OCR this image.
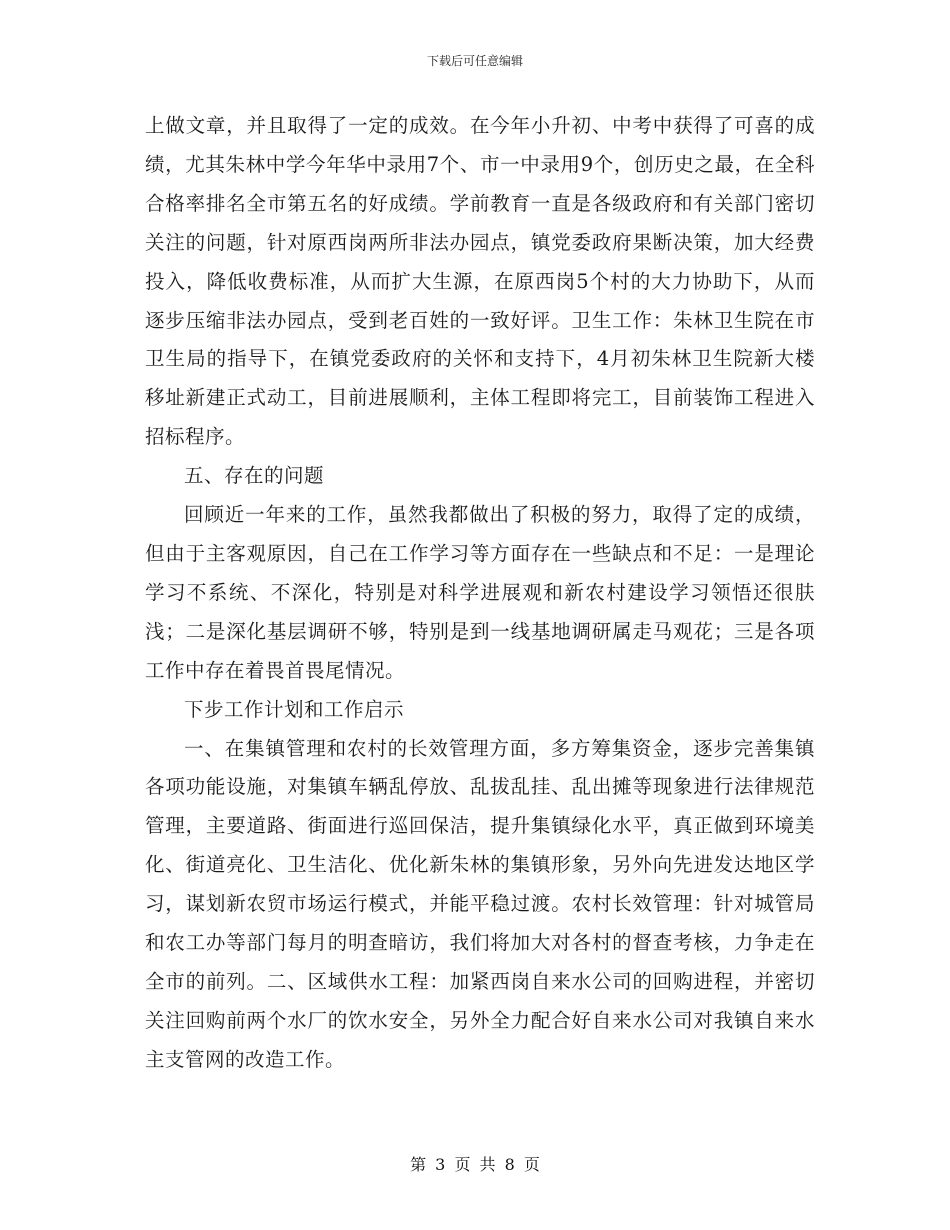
下载后可任意编辑

上做文章，并且取得了一定的成效。在今年小升初、中考中获得了可喜的成绩，尤其朱林中学今年华中录用7个、市一中录用9个，创历史之最，在全科合格率排名全市第五名的好成绩。学前教育一直是各级政府和有关部门密切关注的问题，针对原西岗两所非法办园点，镇党委政府果断决策，加大经费投入，降低收费标准，从而扩大生源，在原西岗5个村的大力协助下，从而逐步压缩非法办园点，受到老百姓的一致好评。卫生工作：朱林卫生院在市卫生局的指导下，在镇党委政府的关怀和支持下，4月初朱林卫生院新大楼移址新建正式动工，目前进展顺利，主体工程即将完工，目前装饰工程进入招标程序。

五、存在的问题

回顾近一年来的工作，虽然我都做出了积极的努力，取得了定的成绩，但由于主客观原因，自己在工作学习等方面存在一些缺点和不足：一是理论学习不系统、不深化，特别是对科学进展观和新农村建设学习领悟还很肤浅；二是深化基层调研不够，特别是到一线基地调研属走马观花；三是各项工作中存在着畏首畏尾情况。

下步工作计划和工作启示

一、在集镇管理和农村的长效管理方面，多方筹集资金，逐步完善集镇各项功能设施，对集镇车辆乱停放、乱拔乱挂、乱出摊等现象进行法律规范管理，主要道路、街面进行巡回保洁，提升集镇绿化水平，真正做到环境美化、街道亮化、卫生洁化、优化新朱林的集镇形象，另外向先进发达地区学习，谋划新农贸市场运行模式，并能平稳过渡。农村长效管理：针对城管局和农工办等部门每月的明查暗访，我们将加大对各村的督查考核，力争走在全市的前列。二、区域供水工程：加紧西岗自来水公司的回购进程，并密切关注回购前两个水厂的饮水安全，另外全力配合好自来水公司对我镇自来水主支管网的改造工作。

第 3 页 共 8 页
